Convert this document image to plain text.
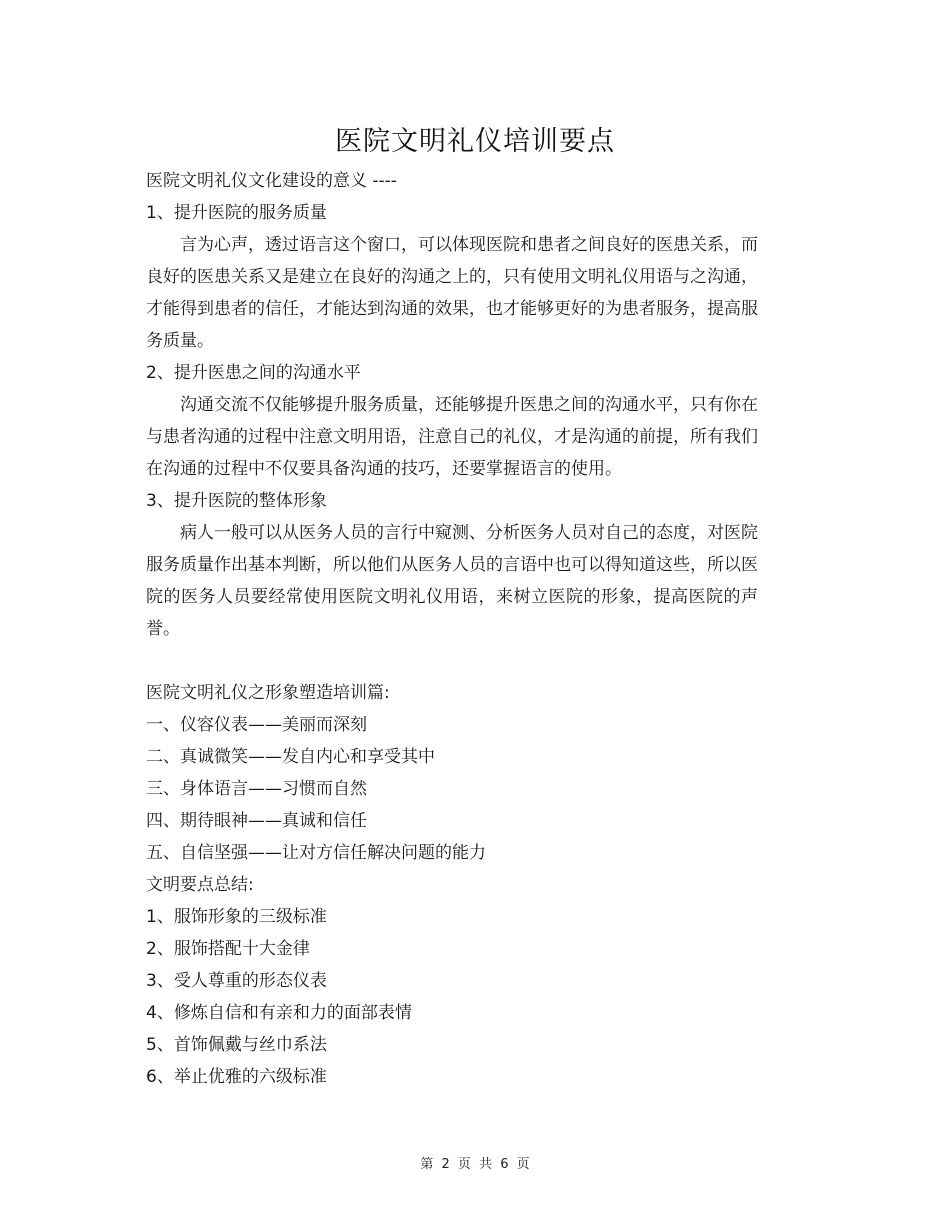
医院文明礼仪培训要点

医院文明礼仪文化建设的意义 ----

1、提升医院的服务质量

言为心声，透过语言这个窗口，可以体现医院和患者之间良好的医患关系，而良好的医患关系又是建立在良好的沟通之上的，只有使用文明礼仪用语与之沟通，才能得到患者的信任，才能达到沟通的效果，也才能够更好的为患者服务，提高服务质量。

2、提升医患之间的沟通水平

沟通交流不仅能够提升服务质量，还能够提升医患之间的沟通水平，只有你在与患者沟通的过程中注意文明用语，注意自己的礼仪，才是沟通的前提，所有我们在沟通的过程中不仅要具备沟通的技巧，还要掌握语言的使用。

3、提升医院的整体形象

病人一般可以从医务人员的言行中窥测、分析医务人员对自己的态度，对医院服务质量作出基本判断，所以他们从医务人员的言语中也可以得知道这些，所以医院的医务人员要经常使用医院文明礼仪用语，来树立医院的形象，提高医院的声誉。

医院文明礼仪之形象塑造培训篇:

一、仪容仪表——美丽而深刻

二、真诚微笑——发自内心和享受其中

三、身体语言——习惯而自然

四、期待眼神——真诚和信任

五、自信坚强——让对方信任解决问题的能力

文明要点总结:

1、服饰形象的三级标准

2、服饰搭配十大金律

3、受人尊重的形态仪表

4、修炼自信和有亲和力的面部表情

5、首饰佩戴与丝巾系法

6、举止优雅的六级标准

第 2 页 共 6 页
